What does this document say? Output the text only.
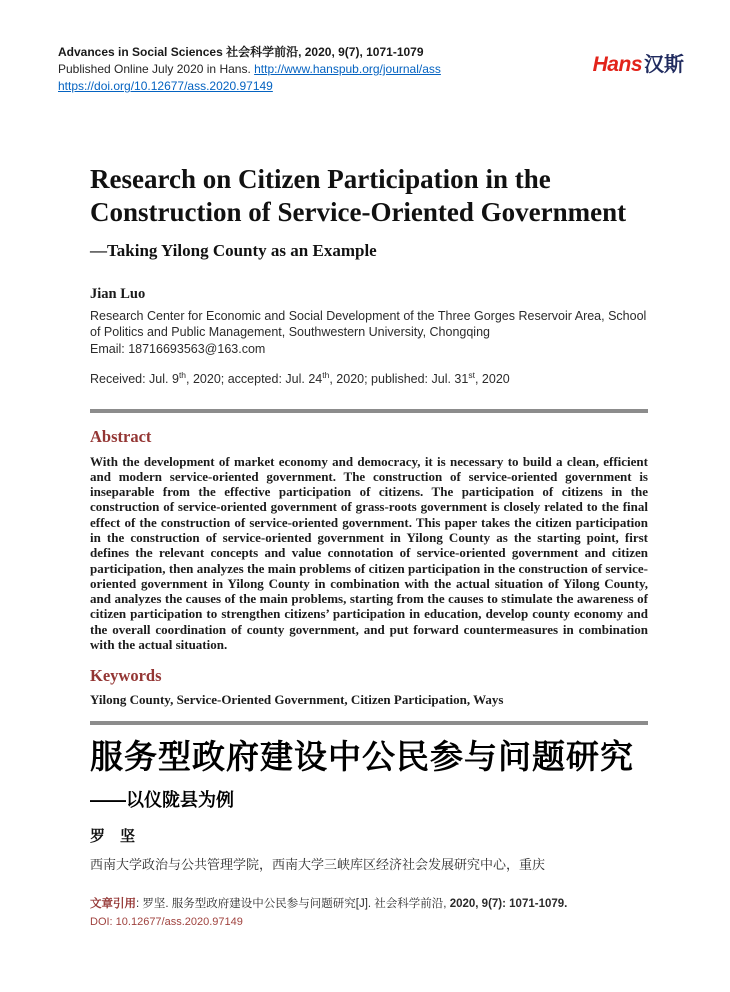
Advances in Social Sciences 社会科学前沿, 2020, 9(7), 1071-1079
Published Online July 2020 in Hans. http://www.hanspub.org/journal/ass
https://doi.org/10.12677/ass.2020.97149
Hans 汉斯
Research on Citizen Participation in the Construction of Service-Oriented Government
—Taking Yilong County as an Example
Jian Luo

Research Center for Economic and Social Development of the Three Gorges Reservoir Area, School of Politics and Public Management, Southwestern University, Chongqing

Email: 18716693563@163.com

Received: Jul. 9th, 2020; accepted: Jul. 24th, 2020; published: Jul. 31st, 2020

Abstract

With the development of market economy and democracy, it is necessary to build a clean, efficient and modern service-oriented government. The construction of service-oriented government is inseparable from the effective participation of citizens. The participation of citizens in the construction of service-oriented government of grass-roots government is closely related to the final effect of the construction of service-oriented government. This paper takes the citizen participation in the construction of service-oriented government in Yilong County as the starting point, first defines the relevant concepts and value connotation of service-oriented government and citizen participation, then analyzes the main problems of citizen participation in the construction of service-oriented government in Yilong County in combination with the actual situation of Yilong County, and analyzes the causes of the main problems, starting from the causes to stimulate the awareness of citizen participation to strengthen citizens’ participation in education, develop county economy and the overall coordination of county government, and put forward countermeasures in combination with the actual situation.

Keywords

Yilong County, Service-Oriented Government, Citizen Participation, Ways

服务型政府建设中公民参与问题研究
——以仪陇县为例
罗　坚

西南大学政治与公共管理学院，西南大学三峡库区经济社会发展研究中心，重庆

文章引用: 罗坚. 服务型政府建设中公民参与问题研究[J]. 社会科学前沿, 2020, 9(7): 1071-1079.

DOI: 10.12677/ass.2020.97149
